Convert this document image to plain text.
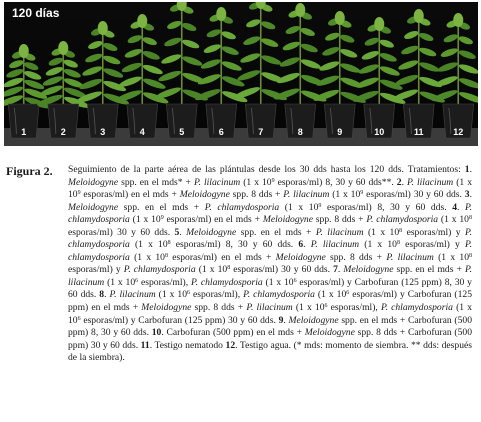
1	2	3	4	5	6	7	8	9	10	11	12
120 días
Figura 2. Seguimiento de la parte aérea de las plántulas desde los 30 dds hasta los 120 dds. Tratamientos: 1. Meloidogyne spp. en el mds* + P. lilacinum (1 x $10^9$ esporas/ml) 8, 30 y 60 dds**. 2. P. lilacinum (1 x $10^9$ esporas/ml) en el mds + Meloidogyne spp. 8 dds + P. lilacinum (1 x $10^9$ esporas/ml) 30 y 60 dds. 3. Meloidogyne spp. en el mds + P. chlamydosporia (1 x $10^9$ esporas/ml) 8, 30 y 60 dds. 4. P. chlamydosporia (1 x $10^9$ esporas/ml) en el mds + Meloidogyne spp. 8 dds + P. chlamydosporia (1 x $10^8$ esporas/ml) 30 y 60 dds. 5. Meloidogyne spp. en el mds + P. lilacinum (1 x $10^8$ esporas/ml) y P. chlamydosporia (1 x $10^8$ esporas/ml) 8, 30 y 60 dds. 6. P. lilacinum (1 x $10^8$ esporas/ml) y P. chlamydosporia (1 x $10^8$ esporas/ml) en el mds + Meloidogyne spp. 8 dds + P. lilacinum (1 x $10^8$ esporas/ml) y P. chlamydosporia (1 x $10^8$ esporas/ml) 30 y 60 dds. 7. Meloidogyne spp. en el mds + P. lilacinum (1 x $10^6$ esporas/ml), P. chlamydosporia (1 x $10^6$ esporas/ml) y Carbofuran (125 ppm) 8, 30 y 60 dds. 8. P. lilacinum (1 x $10^6$ esporas/ml), P. chlamydosporia (1 x $10^6$ esporas/ml) y Carbofuran (125 ppm) en el mds + Meloidogyne spp. 8 dds + P. lilacinum (1 x $10^6$ esporas/ml), P. chlamydosporia (1 x $10^6$ esporas/ml) y Carbofuran (125 ppm) 30 y 60 dds. 9. Meloidogyne spp. en el mds + Carbofuran (500 ppm) 8, 30 y 60 dds. 10. Carbofuran (500 ppm) en el mds + Meloidogyne spp. 8 dds + Carbofuran (500 ppm) 30 y 60 dds. 11. Testigo nematodo 12. Testigo agua. (* mds: momento de siembra. ** dds: después de la siembra).
